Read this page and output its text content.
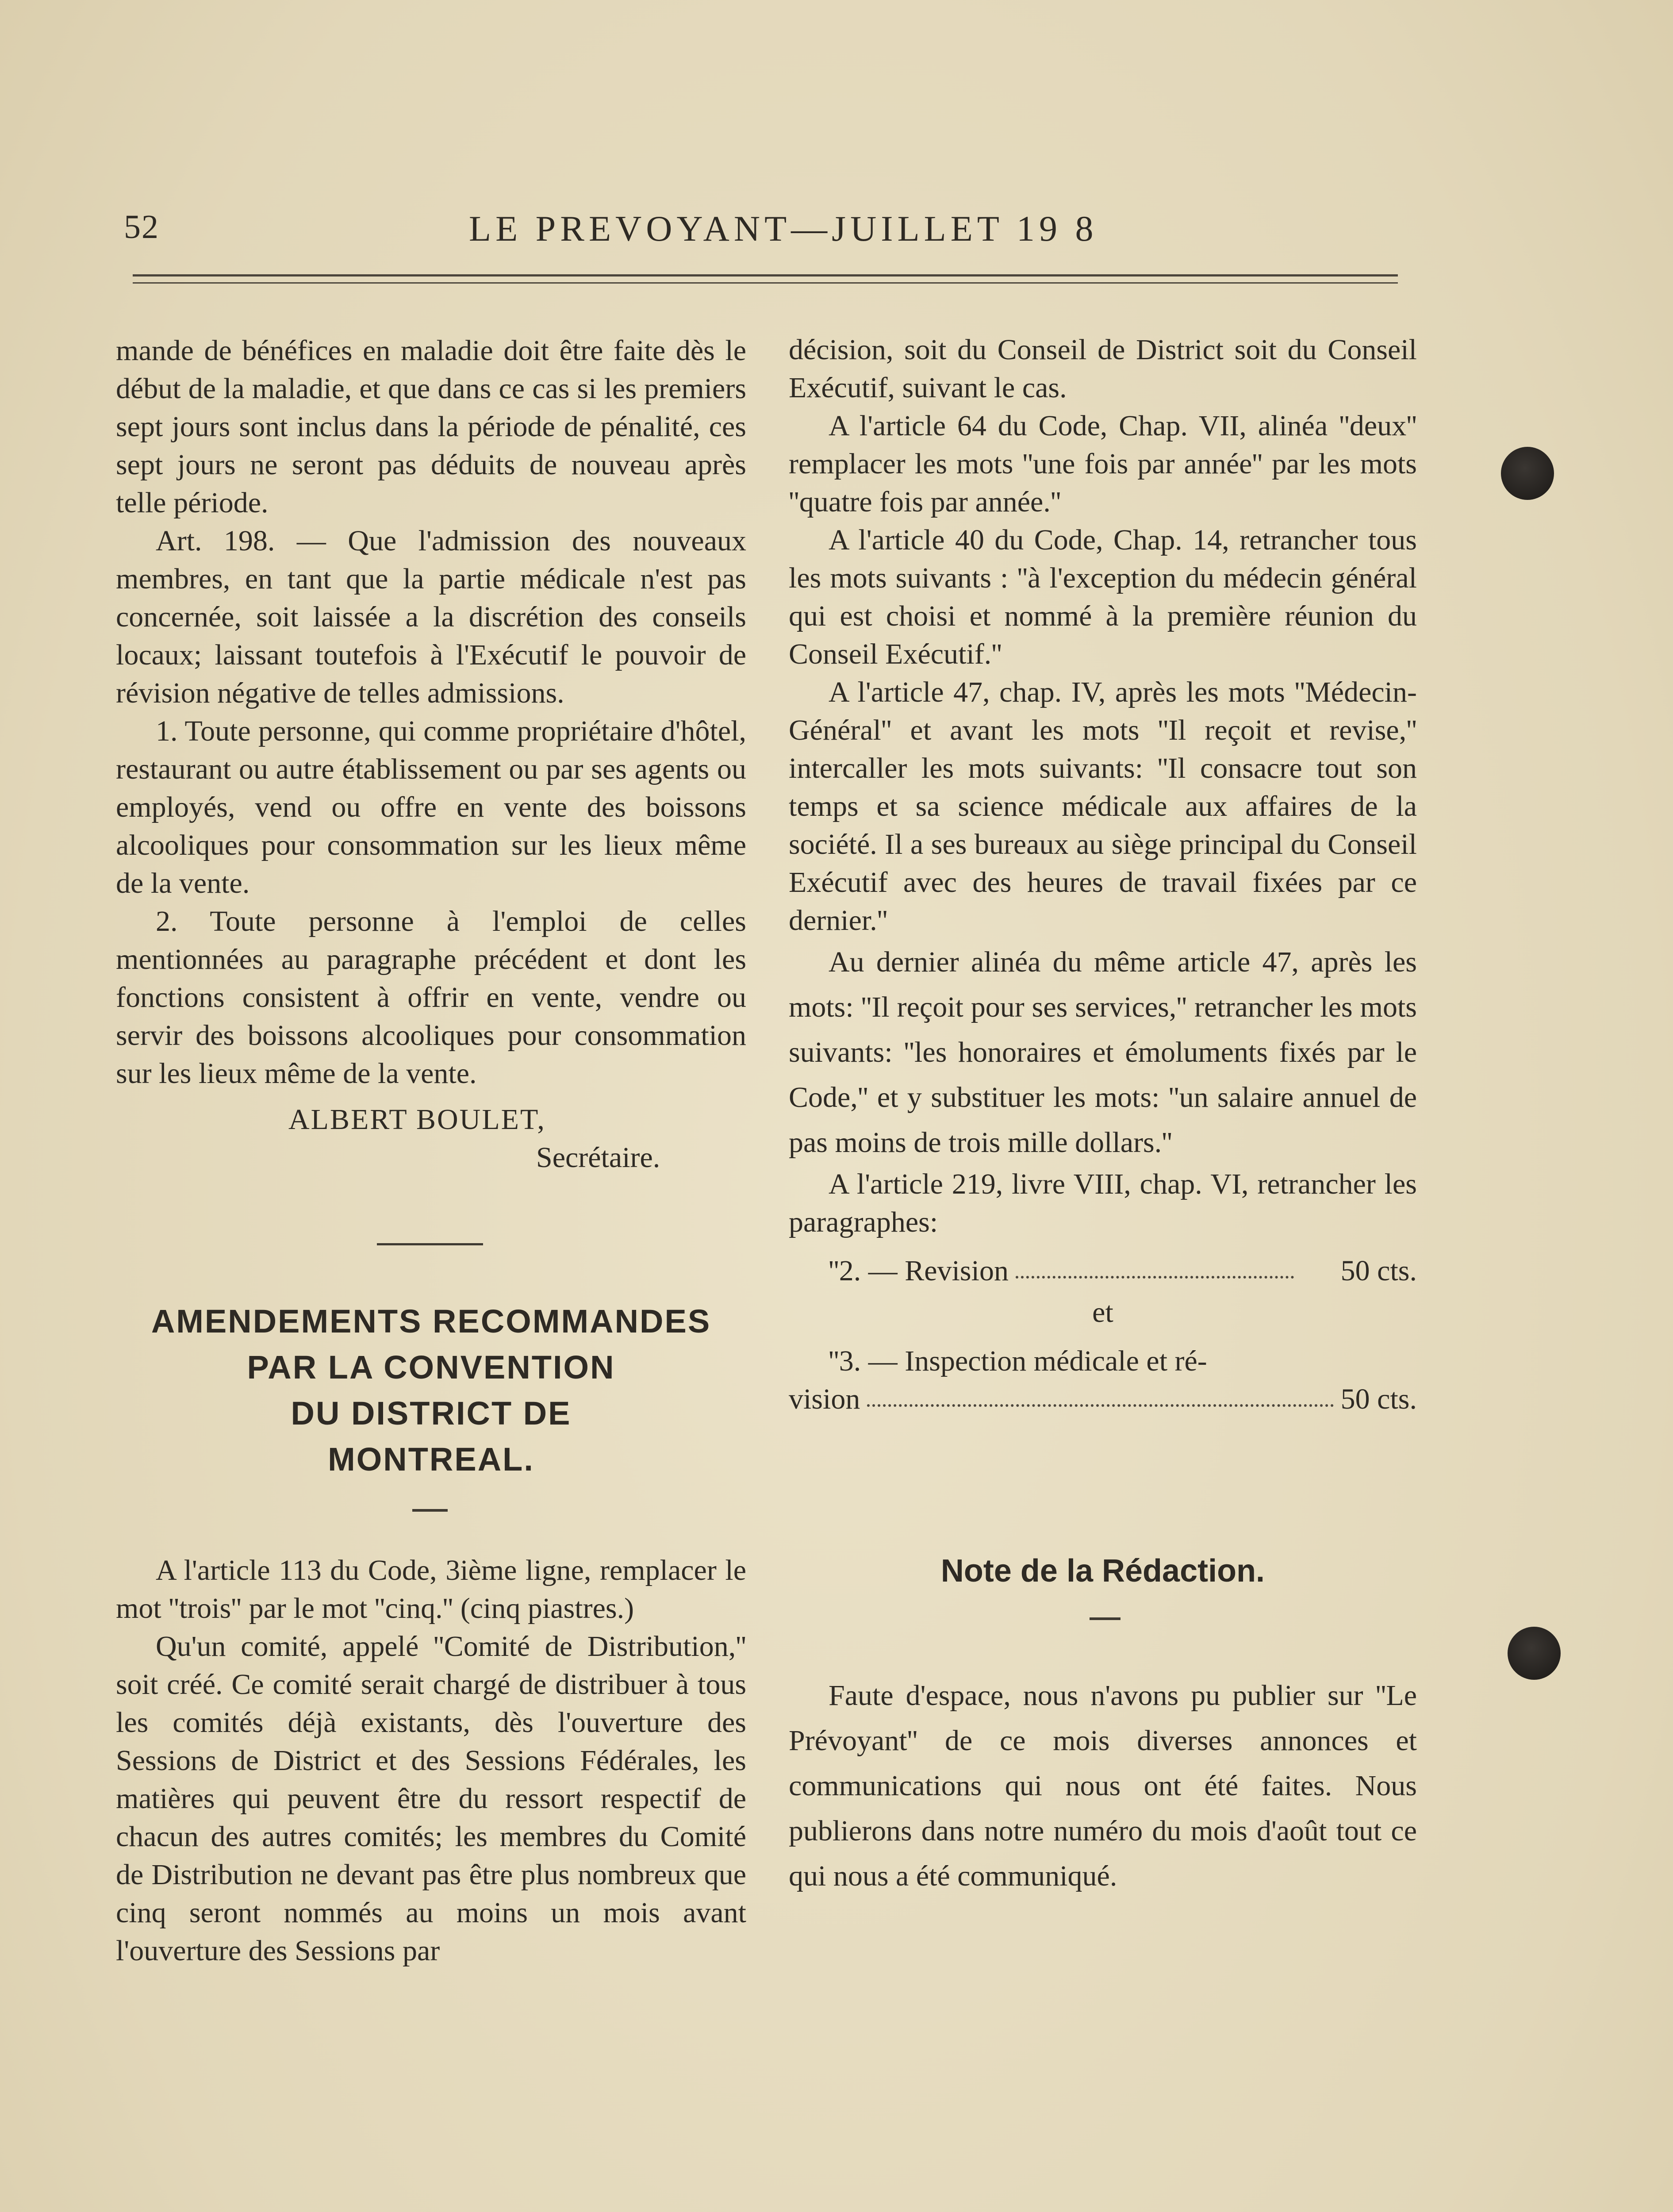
52	LE PREVOYANT—JUILLET 19 8

mande de bénéfices en maladie doit être faite dès le début de la maladie, et que dans ce cas si les premiers sept jours sont inclus dans la période de pénalité, ces sept jours ne seront pas déduits de nouveau après telle période.

Art. 198. — Que l'admission des nouveaux membres, en tant que la partie médicale n'est pas concernée, soit laissée a la discrétion des conseils locaux; laissant toutefois à l'Exécutif le pouvoir de révision négative de telles admissions.

1. Toute personne, qui comme propriétaire d'hôtel, restaurant ou autre établissement ou par ses agents ou employés, vend ou offre en vente des boissons alcooliques pour consommation sur les lieux même de la vente.

2. Toute personne à l'emploi de celles mentionnées au paragraphe précédent et dont les fonctions consistent à offrir en vente, vendre ou servir des boissons alcooliques pour consommation sur les lieux même de la vente.

ALBERT BOULET,
Secrétaire.
AMENDEMENTS RECOMMANDES
PAR LA CONVENTION
DU DISTRICT DE
MONTREAL.

A l'article 113 du Code, 3ième ligne, remplacer le mot ''trois'' par le mot ''cinq.'' (cinq piastres.)

Qu'un comité, appelé ''Comité de Distribution,'' soit créé. Ce comité serait chargé de distribuer à tous les comités déjà existants, dès l'ouverture des Sessions de District et des Sessions Fédérales, les matières qui peuvent être du ressort respectif de chacun des autres comités; les membres du Comité de Distribution ne devant pas être plus nombreux que cinq seront nommés au moins un mois avant l'ouverture des Sessions par

décision, soit du Conseil de District soit du Conseil Exécutif, suivant le cas.

A l'article 64 du Code, Chap. VII, alinéa ''deux'' remplacer les mots ''une fois par année'' par les mots ''quatre fois par année.''

A l'article 40 du Code, Chap. 14, retrancher tous les mots suivants : ''à l'exception du médecin général qui est choisi et nommé à la première réunion du Conseil Exécutif.''

A l'article 47, chap. IV, après les mots ''Médecin-Général'' et avant les mots ''Il reçoit et revise,'' intercaller les mots suivants: ''Il consacre tout son temps et sa science médicale aux affaires de la société. Il a ses bureaux au siège principal du Conseil Exécutif avec des heures de travail fixées par ce dernier.''

Au dernier alinéa du même article 47, après les mots: ''Il reçoit pour ses services,'' retrancher les mots suivants: ''les honoraires et émoluments fixés par le Code,'' et y substituer les mots: ''un salaire annuel de pas moins de trois mille dollars.''

A l'article 219, livre VIII, chap. VI, retrancher les paragraphes:

''2. — Revision	50 cts.
et
''3. — Inspection médicale et ré-
vision	50 cts.
Note de la Rédaction.

Faute d'espace, nous n'avons pu publier sur ''Le Prévoyant'' de ce mois diverses annonces et communications qui nous ont été faites. Nous publierons dans notre numéro du mois d'août tout ce qui nous a été communiqué.
